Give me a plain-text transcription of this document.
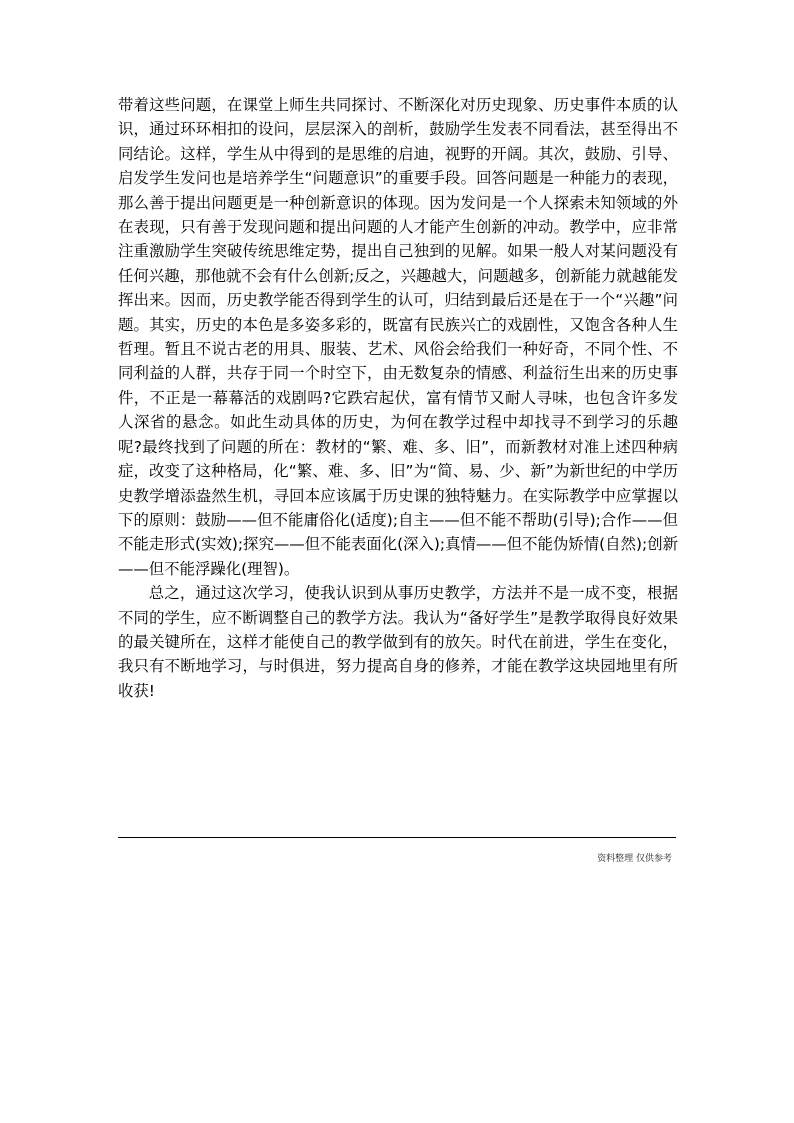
带着这些问题，在课堂上师生共同探讨、不断深化对历史现象、历史事件本质的认识，通过环环相扣的设问，层层深入的剖析，鼓励学生发表不同看法，甚至得出不同结论。这样，学生从中得到的是思维的启迪，视野的开阔。其次，鼓励、引导、启发学生发问也是培养学生“问题意识”的重要手段。回答问题是一种能力的表现，那么善于提出问题更是一种创新意识的体现。因为发问是一个人探索未知领域的外在表现，只有善于发现问题和提出问题的人才能产生创新的冲动。教学中，应非常注重激励学生突破传统思维定势，提出自己独到的见解。如果一般人对某问题没有任何兴趣，那他就不会有什么创新;反之，兴趣越大，问题越多，创新能力就越能发挥出来。因而，历史教学能否得到学生的认可，归结到最后还是在于一个“兴趣”问题。其实，历史的本色是多姿多彩的，既富有民族兴亡的戏剧性，又饱含各种人生哲理。暂且不说古老的用具、服装、艺术、风俗会给我们一种好奇，不同个性、不同利益的人群，共存于同一个时空下，由无数复杂的情感、利益衍生出来的历史事件，不正是一幕幕活的戏剧吗?它跌宕起伏，富有情节又耐人寻味，也包含许多发人深省的悬念。如此生动具体的历史，为何在教学过程中却找寻不到学习的乐趣呢?最终找到了问题的所在：教材的“繁、难、多、旧”，而新教材对准上述四种病症，改变了这种格局，化“繁、难、多、旧”为“简、易、少、新”为新世纪的中学历史教学增添盎然生机，寻回本应该属于历史课的独特魅力。在实际教学中应掌握以下的原则：鼓励——但不能庸俗化(适度);自主——但不能不帮助(引导);合作——但不能走形式(实效);探究——但不能表面化(深入);真情——但不能伪矫情(自然);创新——但不能浮躁化(理智)。

总之，通过这次学习，使我认识到从事历史教学，方法并不是一成不变，根据不同的学生，应不断调整自己的教学方法。我认为“备好学生”是教学取得良好效果的最关键所在，这样才能使自己的教学做到有的放矢。时代在前进，学生在变化，我只有不断地学习，与时俱进，努力提高自身的修养，才能在教学这块园地里有所收获!

资料整理 仅供参考
